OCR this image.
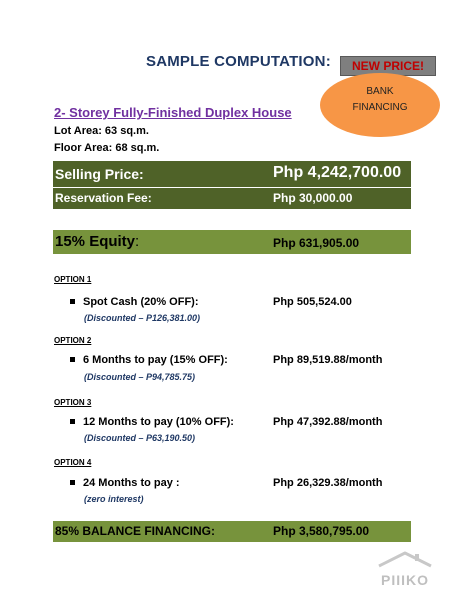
SAMPLE COMPUTATION:	NEW PRICE!
BANK
FINANCING
2- Storey Fully-Finished Duplex House
Lot Area: 63 sq.m.
Floor Area: 68 sq.m.
Selling Price:	Php 4,242,700.00
Reservation Fee:	Php 30,000.00
15% Equity:	Php 631,905.00
OPTION 1
Spot Cash (20% OFF):	Php 505,524.00
(Discounted – P126,381.00)
OPTION 2
6 Months to pay (15% OFF):	Php 89,519.88/month
(Discounted – P94,785.75)
OPTION 3
12 Months to pay (10% OFF):	Php 47,392.88/month
(Discounted – P63,190.50)
OPTION 4
24 Months to pay :	Php 26,329.38/month
(zero interest)
85% BALANCE FINANCING:	Php 3,580,795.00
PIIIKO
